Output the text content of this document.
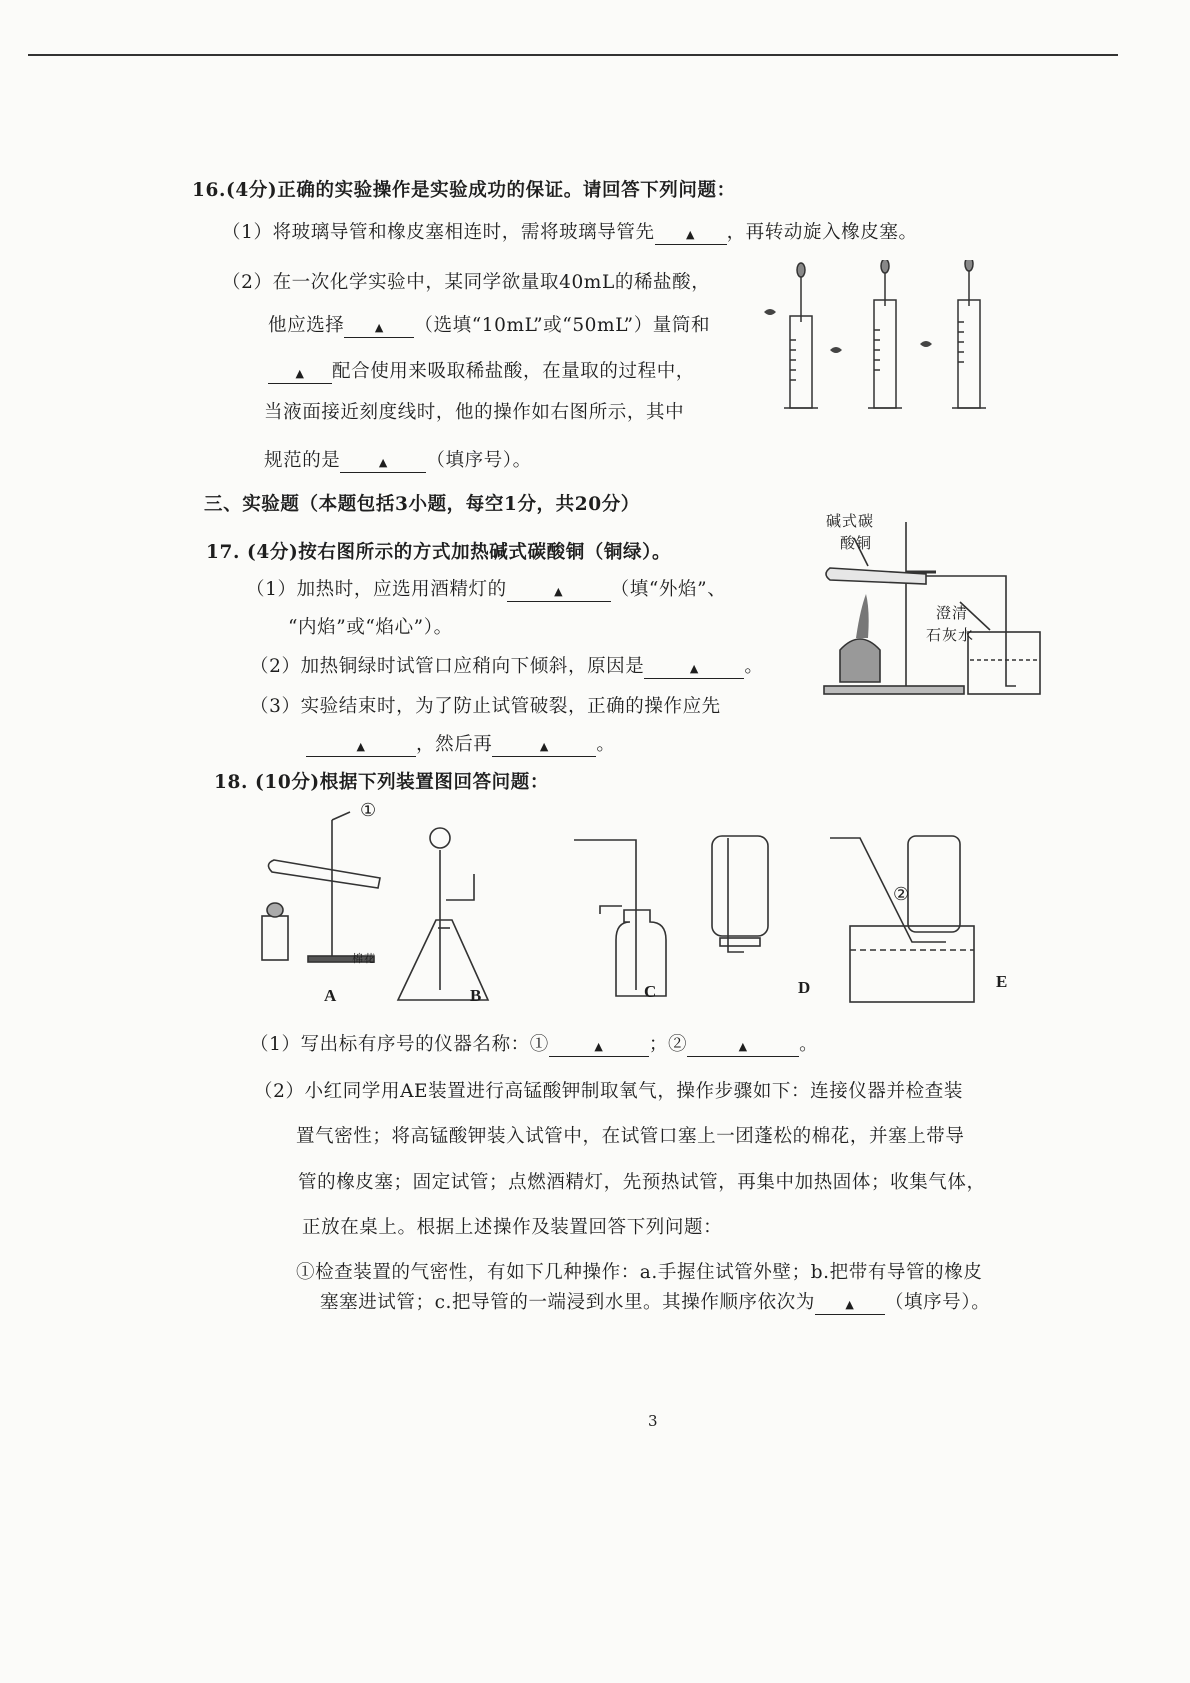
16.(4分)正确的实验操作是实验成功的保证。请回答下列问题：
（1）将玻璃导管和橡皮塞相连时，需将玻璃导管先	▲ ，再转动旋入橡皮塞。
（2）在一次化学实验中，某同学欲量取40mL的稀盐酸，
他应选择	▲ （选填“10mL”或“50mL”）量筒和
▲ 配合使用来吸取稀盐酸，在量取的过程中，
当液面接近刻度线时，他的操作如右图所示，其中
规范的是	▲ （填序号）。
三、实验题（本题包括3小题，每空1分，共20分）
17. (4分)按右图所示的方式加热碱式碳酸铜（铜绿）。
（1）加热时，应选用酒精灯的	▲	（填“外焰”、
“内焰”或“焰心”）。
（2）加热铜绿时试管口应稍向下倾斜，原因是	▲ 。
（3）实验结束时，为了防止试管破裂，正确的操作应先
▲	，然后再	▲	。
碱式碳
酸铜
澄清
石灰水
18. (10分)根据下列装置图回答问题：
棉花
①
②
A	B	C	D	E
（1）写出标有序号的仪器名称：①	▲ ；②	▲	。
（2）小红同学用AE装置进行高锰酸钾制取氧气，操作步骤如下：连接仪器并检查装
置气密性；将高锰酸钾装入试管中，在试管口塞上一团蓬松的棉花，并塞上带导
管的橡皮塞；固定试管；点燃酒精灯，先预热试管，再集中加热固体；收集气体，
正放在桌上。根据上述操作及装置回答下列问题：
①检查装置的气密性，有如下几种操作：a.手握住试管外壁；b.把带有导管的橡皮
塞塞进试管；c.把导管的一端浸到水里。其操作顺序依次为	▲ （填序号）。
3
